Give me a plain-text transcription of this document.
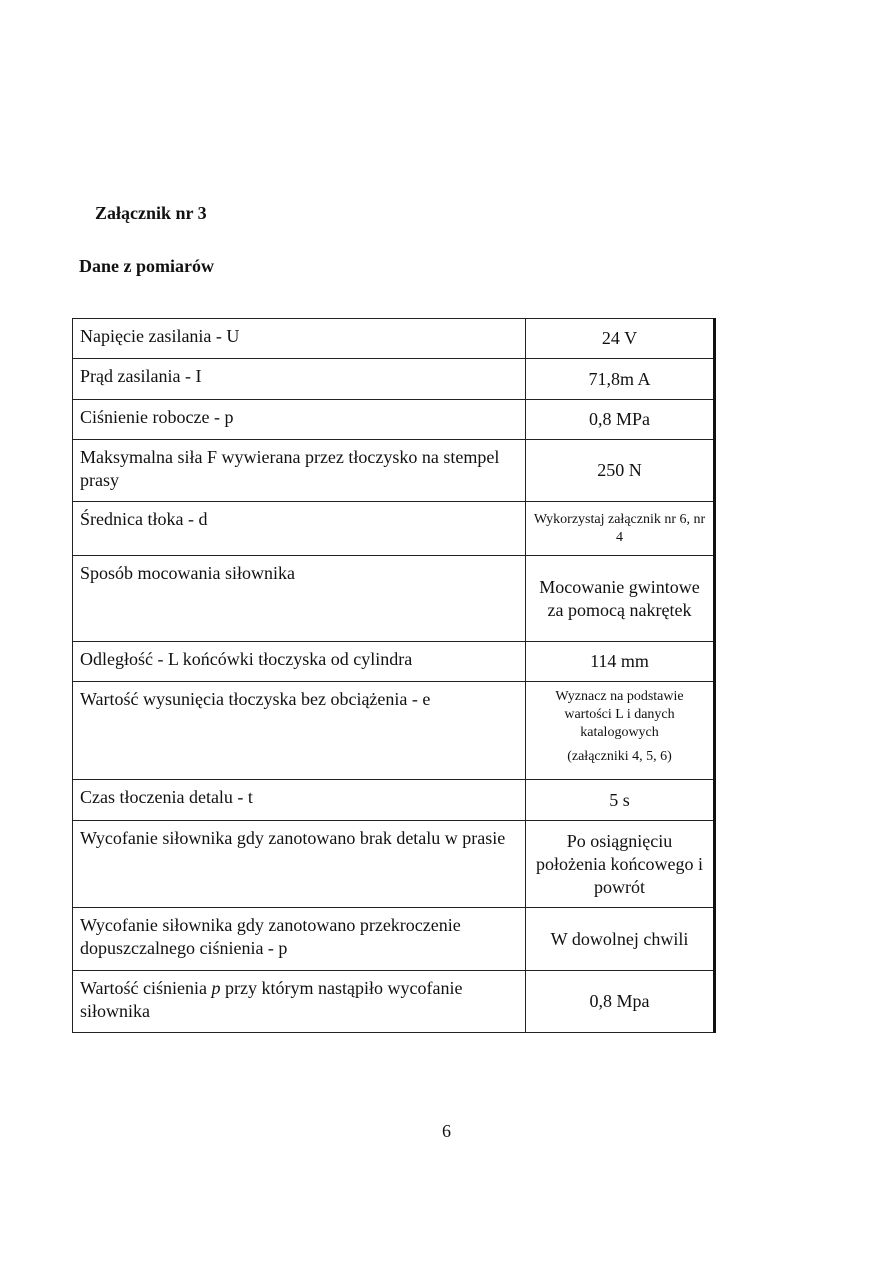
Załącznik nr 3
Dane z pomiarów
Napięcie zasilania - U	24 V
Prąd zasilania - I	71,8m A
Ciśnienie robocze - p	0,8 MPa
Maksymalna siła F wywierana przez tłoczysko na stempel prasy	250 N
Średnica tłoka - d	Wykorzystaj załącznik nr 6, nr 4
Sposób mocowania siłownika	Mocowanie gwintowe za pomocą nakrętek
Odległość - L końcówki tłoczyska od cylindra	114 mm
Wartość wysunięcia tłoczyska bez obciążenia - e	Wyznacz na podstawie wartości L i danych katalogowych
(załączniki 4, 5, 6)

Czas tłoczenia detalu - t	5 s
Wycofanie siłownika gdy zanotowano brak detalu w prasie	Po osiągnięciu położenia końcowego i powrót
Wycofanie siłownika gdy zanotowano przekroczenie dopuszczalnego ciśnienia - p	W dowolnej chwili
Wartość ciśnienia p przy którym nastąpiło wycofanie siłownika	0,8 Mpa
6
